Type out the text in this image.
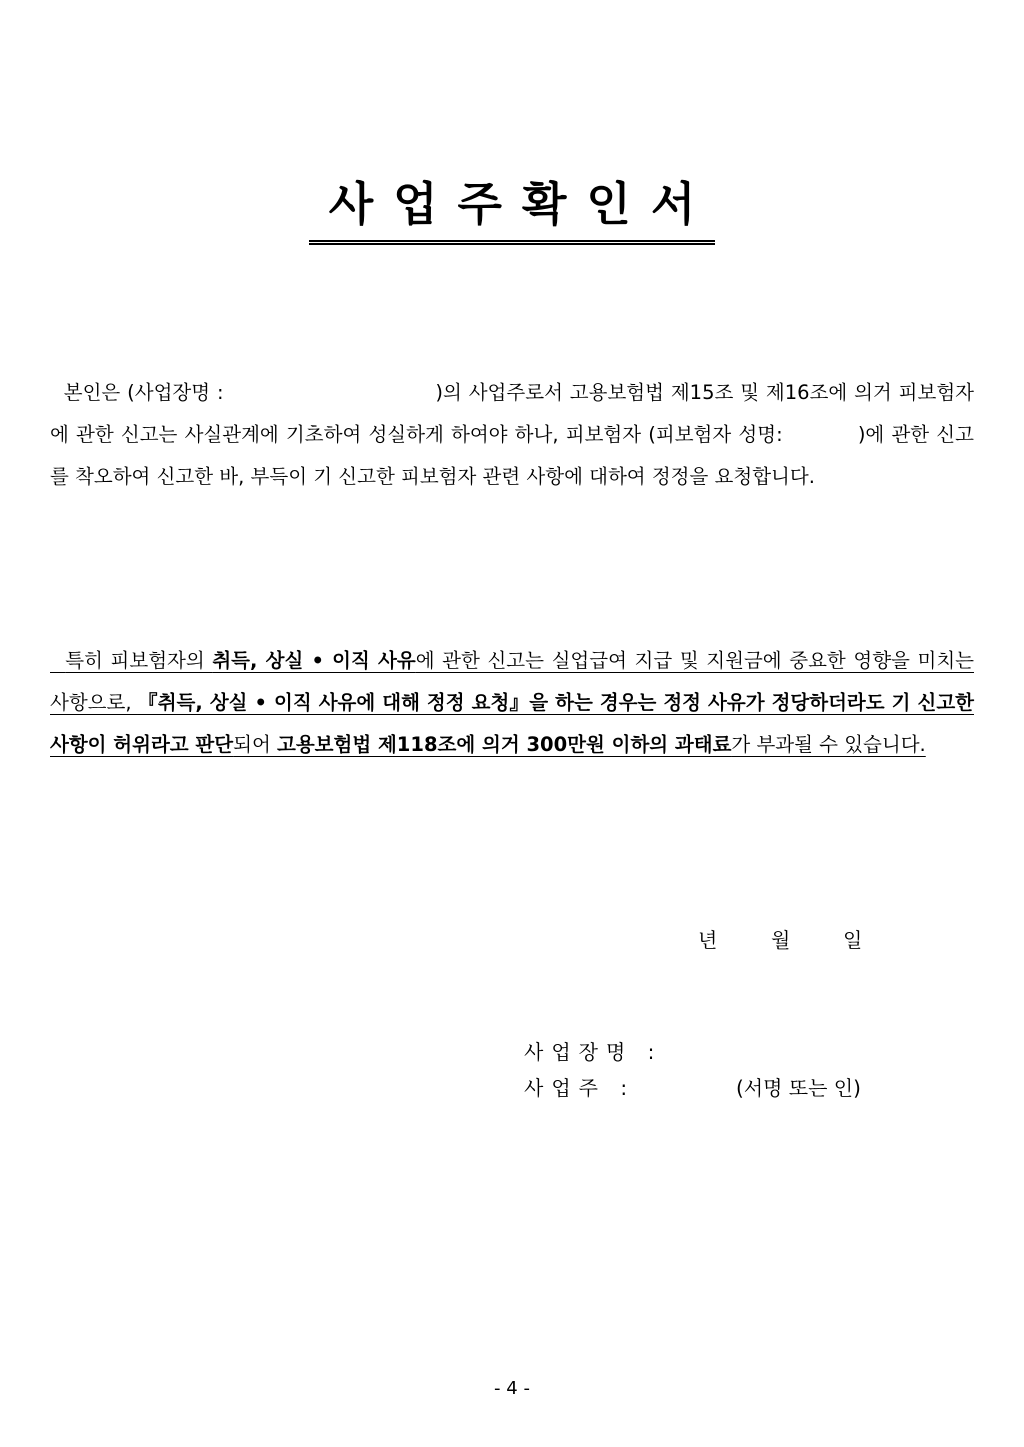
사업주확인서
본인은 (사업장명 :	)의 사업주로서 고용보험법 제15조 및 제16조에 의거 피보험자에 관한 신고는 사실관계에 기초하여 성실하게 하여야 하나, 피보험자 (피보험자 성명:	)에 관한 신고를 착오하여 신고한 바, 부득이 기 신고한 피보험자 관련 사항에 대하여 정정을 요청합니다.
특히 피보험자의 취득, 상실 • 이직 사유에 관한 신고는 실업급여 지급 및 지원금에 중요한 영향을 미치는 사항으로, 『취득, 상실 • 이직 사유에 대해 정정 요청』을 하는 경우는 정정 사유가 정당하더라도 기 신고한 사항이 허위라고 판단되어 고용보험법 제118조에 의거 300만원 이하의 과태료가 부과될 수 있습니다.
년	월	일
사업장명 :
사업주 :	(서명 또는 인)
- 4 -
